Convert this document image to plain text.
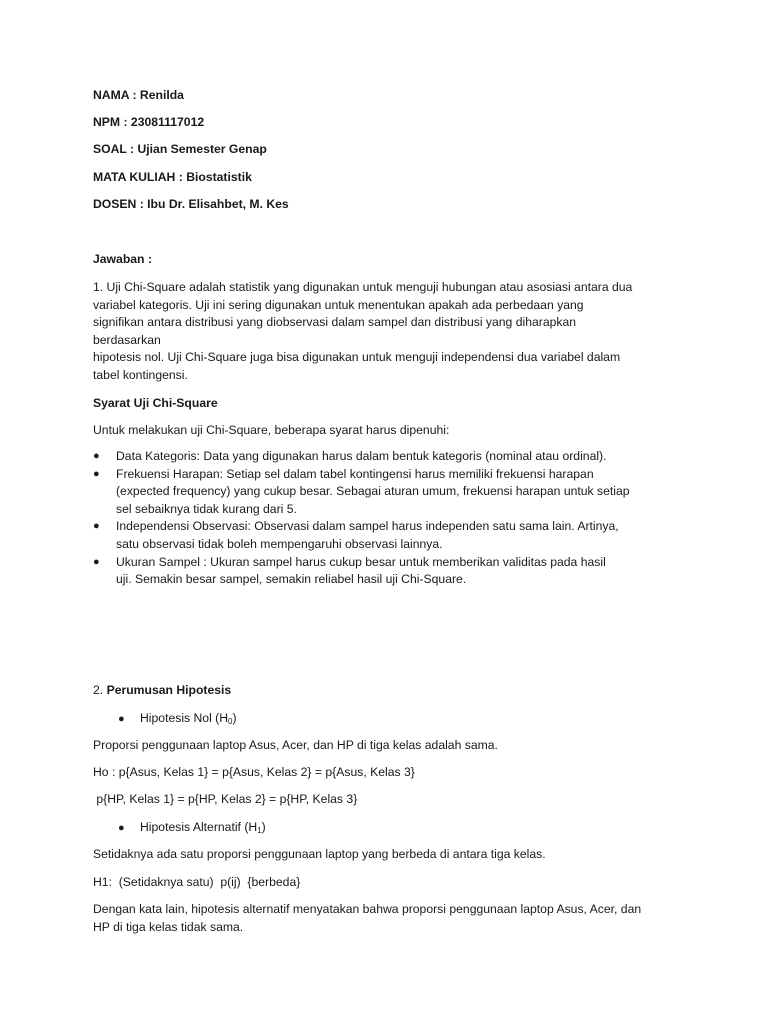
NAMA : Renilda
NPM : 23081117012
SOAL : Ujian Semester Genap
MATA KULIAH : Biostatistik
DOSEN : Ibu Dr. Elisahbet, M. Kes
Jawaban :
1. Uji Chi-Square adalah statistik yang digunakan untuk menguji hubungan atau asosiasi antara dua
variabel kategoris. Uji ini sering digunakan untuk menentukan apakah ada perbedaan yang
signifikan antara distribusi yang diobservasi dalam sampel dan distribusi yang diharapkan
berdasarkan
hipotesis nol. Uji Chi-Square juga bisa digunakan untuk menguji independensi dua variabel dalam
tabel kontingensi.
Syarat Uji Chi-Square
Untuk melakukan uji Chi-Square, beberapa syarat harus dipenuhi:
● Data Kategoris: Data yang digunakan harus dalam bentuk kategoris (nominal atau ordinal).
● Frekuensi Harapan: Setiap sel dalam tabel kontingensi harus memiliki frekuensi harapan
(expected frequency) yang cukup besar. Sebagai aturan umum, frekuensi harapan untuk setiap
sel sebaiknya tidak kurang dari 5.
● Independensi Observasi: Observasi dalam sampel harus independen satu sama lain. Artinya,
satu observasi tidak boleh mempengaruhi observasi lainnya.
● Ukuran Sampel : Ukuran sampel harus cukup besar untuk memberikan validitas pada hasil
uji. Semakin besar sampel, semakin reliabel hasil uji Chi-Square.
2. Perumusan Hipotesis
● Hipotesis Nol $(H_0)$
Proporsi penggunaan laptop Asus, Acer, dan HP di tiga kelas adalah sama.
Ho : p{Asus, Kelas 1} = p{Asus, Kelas 2} = p{Asus, Kelas 3}
p{HP, Kelas 1} = p{HP, Kelas 2} = p{HP, Kelas 3}
● Hipotesis Alternatif $(H_1)$
Setidaknya ada satu proporsi penggunaan laptop yang berbeda di antara tiga kelas.
H1:  (Setidaknya satu)  p(ij)  {berbeda}
Dengan kata lain, hipotesis alternatif menyatakan bahwa proporsi penggunaan laptop Asus, Acer, dan
HP di tiga kelas tidak sama.
